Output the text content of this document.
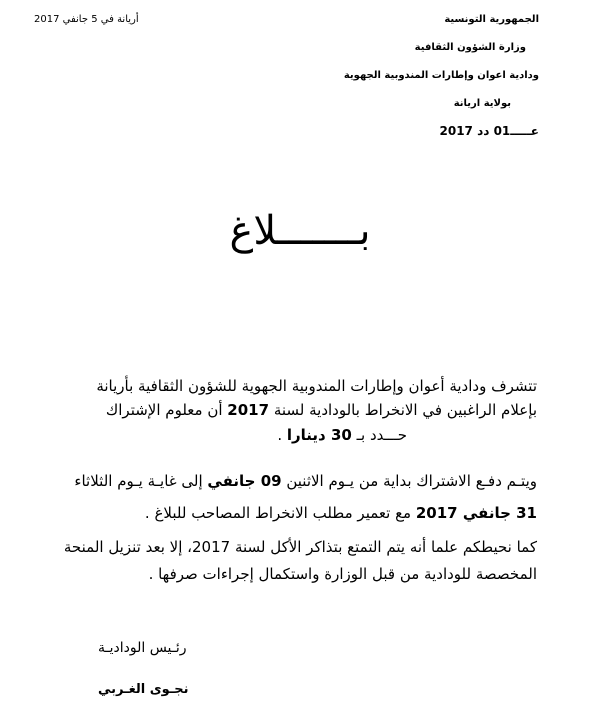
أريانة في 5 جانفي 2017	الجمهورية التونسية
وزارة الشؤون الثقافية
ودادية اعوان وإطارات المندوبية الجهوية
بولاية اريانة
عـــــ01 دد 2017
بـــــــلاغ
تتشرف ودادية أعوان وإطارات المندوبية الجهوية للشؤون الثقافية بأريانة
بإعلام الراغبين في الانخراط بالودادية لسنة 2017 أن معلوم الإشتراك
حـــدد بـ 30 دينارا .
ويتـم دفـع الاشتراك بداية من يـوم الاثنين 09 جانفي إلى غايـة يـوم الثلاثاء
31 جانفي 2017 مع تعمير مطلب الانخراط المصاحب للبلاغ .
كما نحيطكم علما أنه يتم التمتع بتذاكر الأكل لسنة 2017، إلا بعد تنزيل المنحة
المخصصة للودادية من قبل الوزارة واستكمال إجراءات صرفها .
رئـيس الوداديـة
نجـوى الغـربي
